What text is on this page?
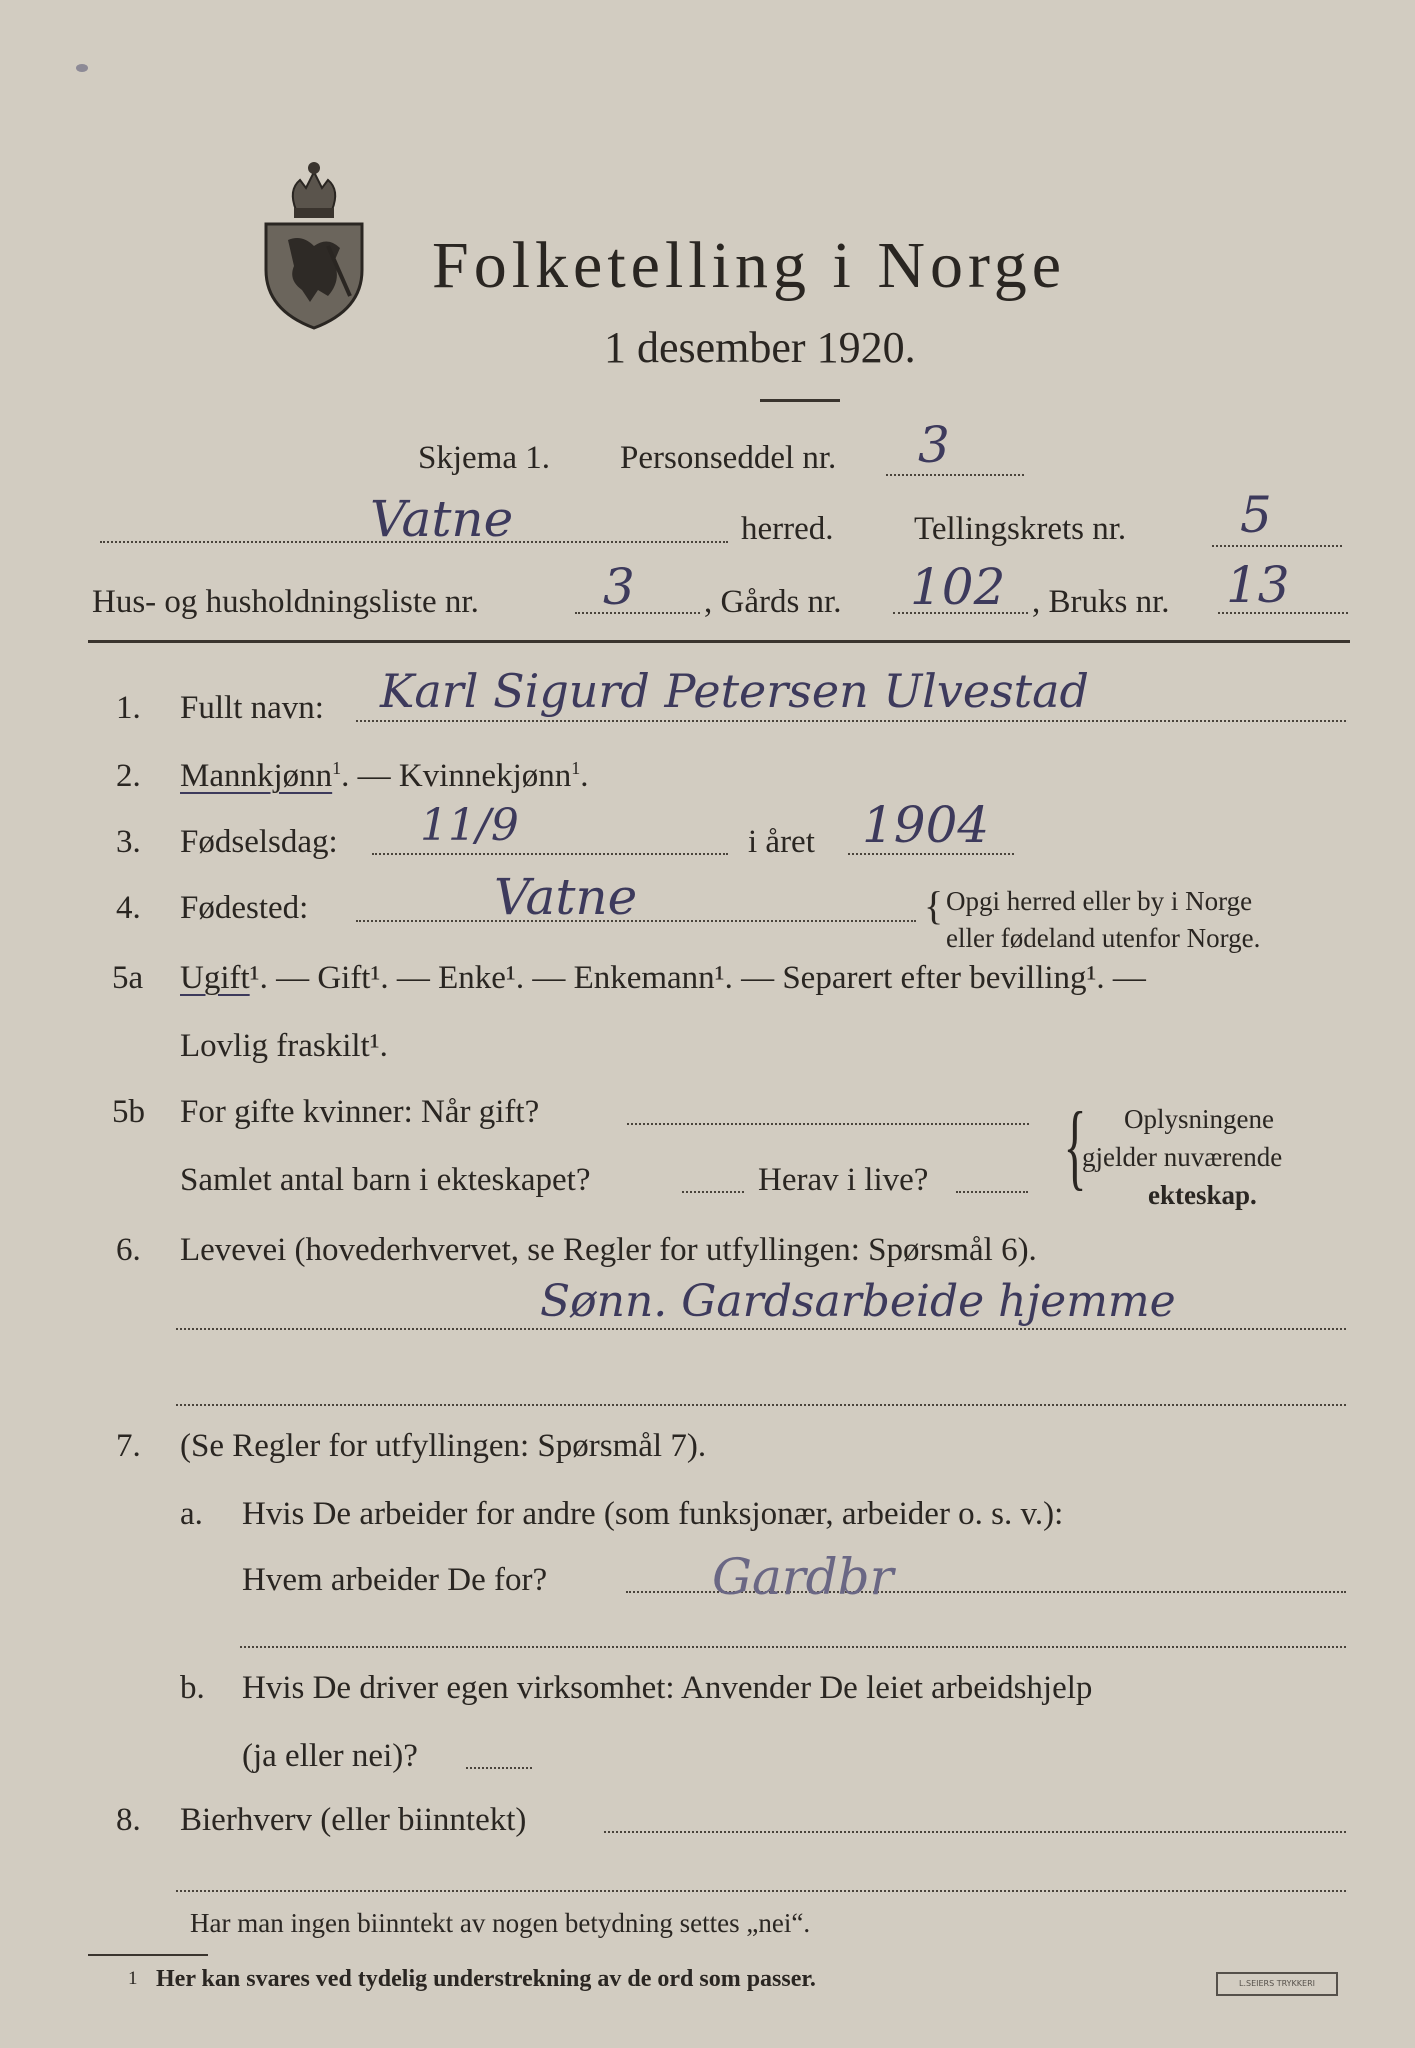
Folketelling i Norge
1 desember 1920.
Skjema 1. Personseddel nr. 3
Vatne	herred. Tellingskrets nr. 5
Hus- og husholdningsliste nr. 3 , Gårds nr. 102 , Bruks nr. 13
1. Fullt navn: Karl Sigurd Petersen Ulvestad
2. Mannkjønn$^1$. — Kvinnekjønn$^1$.
3. Fødselsdag: 11/9	i året 1904
4. Fødested:	Vatne	{ Opgi herred eller by i Norge
eller fødeland utenfor Norge.
5a Ugift¹. — Gift¹. — Enke¹. — Enkemann¹. — Separert efter bevilling¹. —
Lovlig fraskilt¹.
5b For gifte kvinner: Når gift?
Samlet antal barn i ekteskapet?	Herav i live? { Oplysningene
gjelder nuværende
ekteskap.
6. Levevei (hovederhvervet, se Regler for utfyllingen: Spørsmål 6).
Sønn. Gardsarbeide hjemme
7. (Se Regler for utfyllingen: Spørsmål 7).
a. Hvis De arbeider for andre (som funksjonær, arbeider o. s. v.):
Hvem arbeider De for?	Gardbr
b. Hvis De driver egen virksomhet: Anvender De leiet arbeidshjelp
(ja eller nei)?
8. Bierhverv (eller biinntekt)
Har man ingen biinntekt av nogen betydning settes „nei“.
1 Her kan svares ved tydelig understrekning av de ord som passer.	L.SEIERS TRYKKERI
